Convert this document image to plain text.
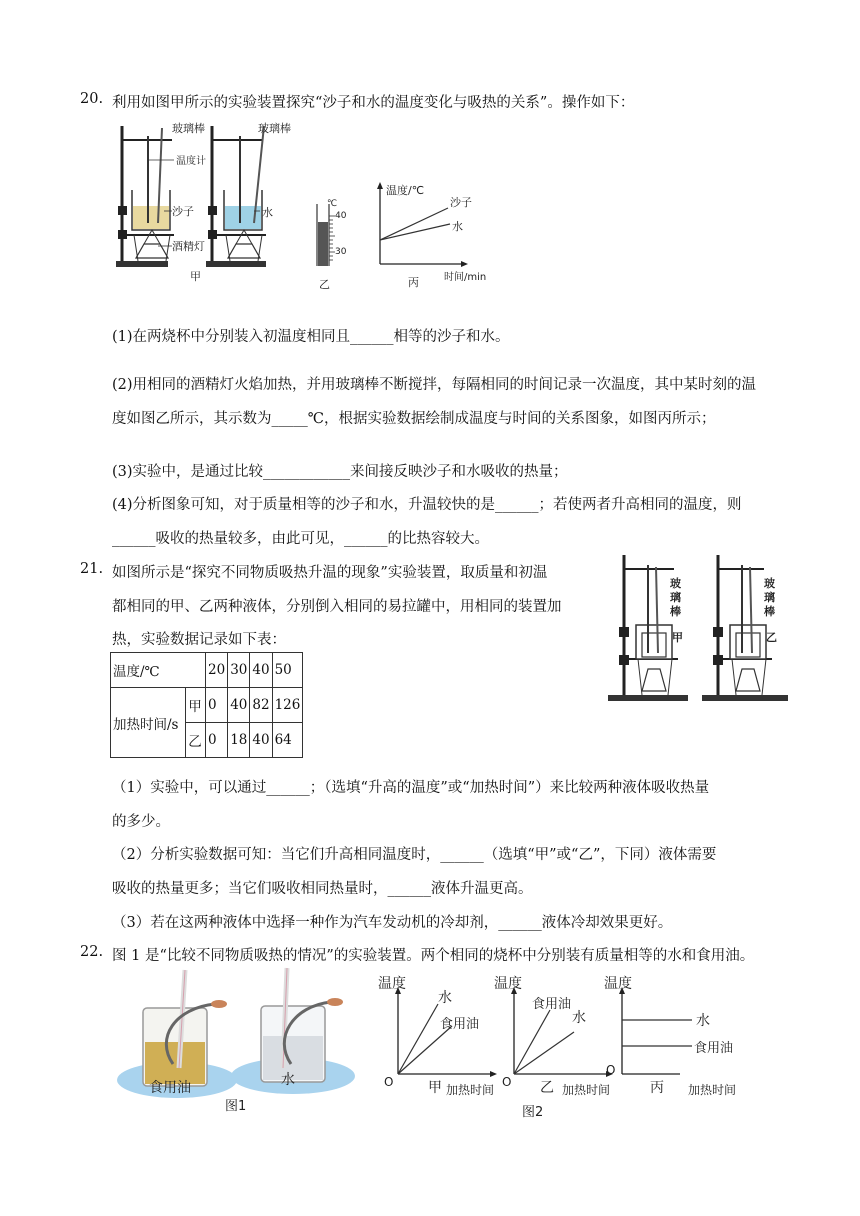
20. 利用如图甲所示的实验装置探究“沙子和水的温度变化与吸热的关系”。操作如下：
玻璃棒	玻璃棒
温度计
沙子	水
酒精灯
甲
℃
40
30
乙
温度/℃
沙子
水
时间/min
丙
(1)在两烧杯中分别装入初温度相同且______相等的沙子和水。
(2)用相同的酒精灯火焰加热，并用玻璃棒不断搅拌，每隔相同的时间记录一次温度，其中某时刻的温
度如图乙所示，其示数为_____℃，根据实验数据绘制成温度与时间的关系图象，如图丙所示；
(3)实验中，是通过比较____________来间接反映沙子和水吸收的热量；
(4)分析图象可知，对于质量相等的沙子和水，升温较快的是______；若使两者升高相同的温度，则
______吸收的热量较多，由此可见，______的比热容较大。
21. 如图所示是“探究不同物质吸热升温的现象”实验装置，取质量和初温
都相同的甲、乙两种液体，分别倒入相同的易拉罐中，用相同的装置加
热，实验数据记录如下表：
玻
璃
棒
甲
玻
璃
棒
乙
温度/℃		20	30	40	50
加热时间/s	甲	0	40	82	126
	乙	0	18	40	64
（1）实验中，可以通过______；（选填“升高的温度”或“加热时间”）来比较两种液体吸收热量
的多少。
（2）分析实验数据可知：当它们升高相同温度时，______（选填“甲”或“乙”，下同）液体需要
吸收的热量更多；当它们吸收相同热量时，______液体升温更高。
（3）若在这两种液体中选择一种作为汽车发动机的冷却剂，______液体冷却效果更好。
22. 图 1 是“比较不同物质吸热的情况”的实验装置。两个相同的烧杯中分别装有质量相等的水和食用油。
食用油	水
图1
温度
水
食用油
O 甲 加热时间
温度
食用油
水
O 乙 加热时间
温度
水
食用油
O
丙 加热时间
图2
